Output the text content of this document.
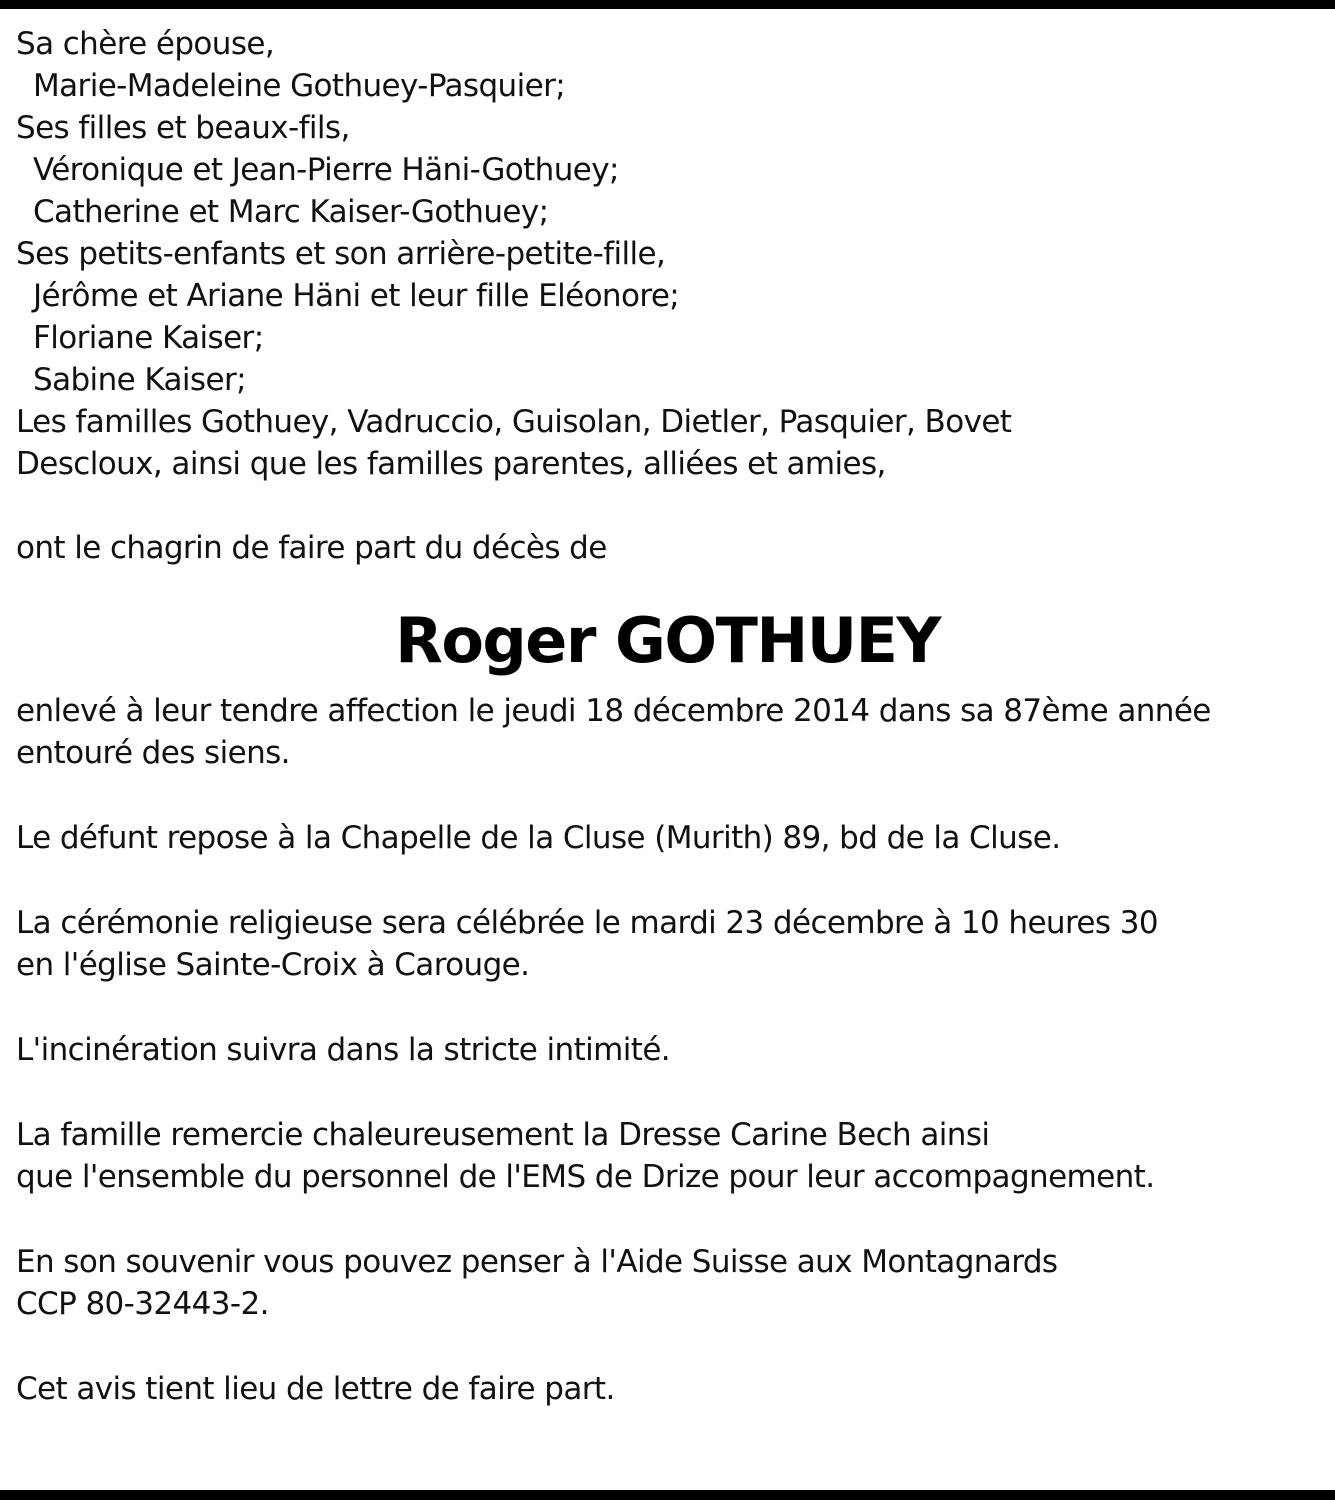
Sa chère épouse,
Marie-Madeleine Gothuey-Pasquier;
Ses filles et beaux-fils,
Véronique et Jean-Pierre Häni-Gothuey;
Catherine et Marc Kaiser-Gothuey;
Ses petits-enfants et son arrière-petite-fille,
Jérôme et Ariane Häni et leur fille Eléonore;
Floriane Kaiser;
Sabine Kaiser;
Les familles Gothuey, Vadruccio, Guisolan, Dietler, Pasquier, Bovet
Descloux, ainsi que les familles parentes, alliées et amies,
ont le chagrin de faire part du décès de
Roger GOTHUEY
enlevé à leur tendre affection le jeudi 18 décembre 2014 dans sa 87ème année
entouré des siens.
Le défunt repose à la Chapelle de la Cluse (Murith) 89, bd de la Cluse.
La cérémonie religieuse sera célébrée le mardi 23 décembre à 10 heures 30
en l'église Sainte-Croix à Carouge.
L'incinération suivra dans la stricte intimité.
La famille remercie chaleureusement la Dresse Carine Bech ainsi
que l'ensemble du personnel de l'EMS de Drize pour leur accompagnement.
En son souvenir vous pouvez penser à l'Aide Suisse aux Montagnards
CCP 80-32443-2.
Cet avis tient lieu de lettre de faire part.
